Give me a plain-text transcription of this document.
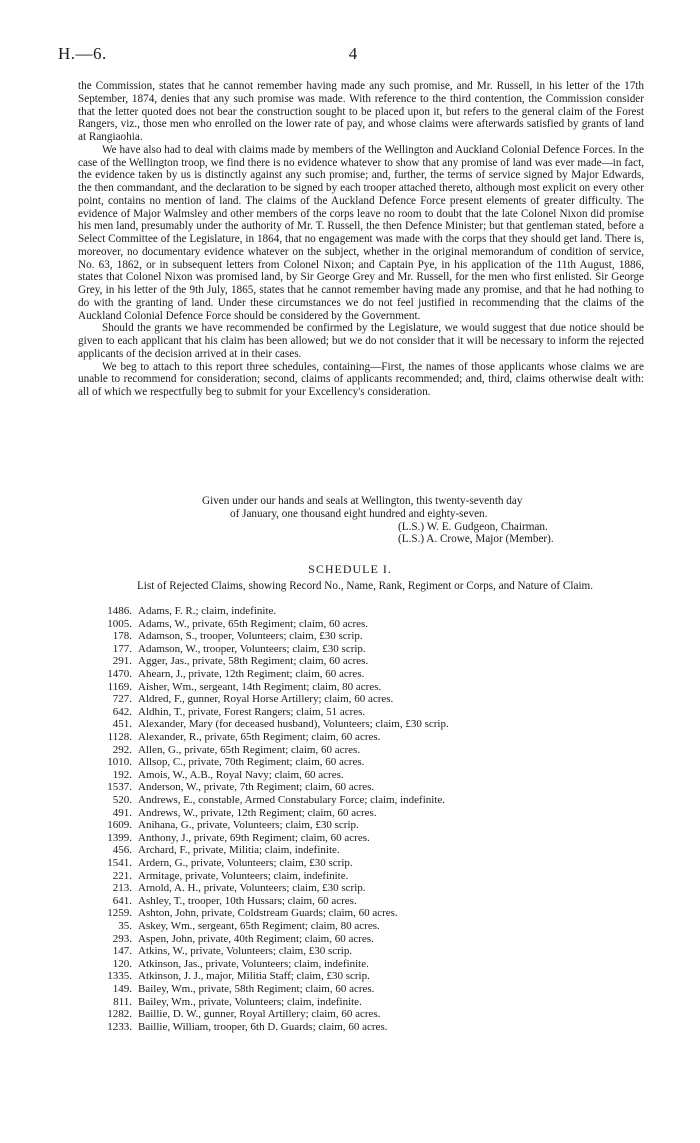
H.—6.	4

the Commission, states that he cannot remember having made any such promise, and Mr. Russell, in his letter of the 17th September, 1874, denies that any such promise was made. With reference to the third contention, the Commission consider that the letter quoted does not bear the construction sought to be placed upon it, but refers to the general claim of the Forest Rangers, viz., those men who enrolled on the lower rate of pay, and whose claims were afterwards satisfied by grants of land at Rangiaohia.

We have also had to deal with claims made by members of the Wellington and Auckland Colonial Defence Forces. In the case of the Wellington troop, we find there is no evidence whatever to show that any promise of land was ever made—in fact, the evidence taken by us is distinctly against any such promise; and, further, the terms of service signed by Major Edwards, the then commandant, and the declaration to be signed by each trooper attached thereto, although most explicit on every other point, contains no mention of land. The claims of the Auckland Defence Force present elements of greater difficulty. The evidence of Major Walmsley and other members of the corps leave no room to doubt that the late Colonel Nixon did promise his men land, presumably under the authority of Mr. T. Russell, the then Defence Minister; but that gentleman stated, before a Select Committee of the Legislature, in 1864, that no engagement was made with the corps that they should get land. There is, moreover, no documentary evidence whatever on the subject, whether in the original memorandum of condition of service, No. 63, 1862, or in subsequent letters from Colonel Nixon; and Captain Pye, in his application of the 11th August, 1886, states that Colonel Nixon was promised land, by Sir George Grey and Mr. Russell, for the men who first enlisted. Sir George Grey, in his letter of the 9th July, 1865, states that he cannot remember having made any promise, and that he had nothing to do with the granting of land. Under these circumstances we do not feel justified in recommending that the claims of the Auckland Colonial Defence Force should be considered by the Government.

Should the grants we have recommended be confirmed by the Legislature, we would suggest that due notice should be given to each applicant that his claim has been allowed; but we do not consider that it will be necessary to inform the rejected applicants of the decision arrived at in their cases.

We beg to attach to this report three schedules, containing—First, the names of those applicants whose claims we are unable to recommend for consideration; second, claims of applicants recommended; and, third, claims otherwise dealt with: all of which we respectfully beg to submit for your Excellency's consideration.

Given under our hands and seals at Wellington, this twenty-seventh day
of January, one thousand eight hundred and eighty-seven.
(L.S.) W. E. Gudgeon, Chairman.
(L.S.) A. Crowe, Major (Member).
SCHEDULE I.
List of Rejected Claims, showing Record No., Name, Rank, Regiment or Corps, and Nature of Claim.
1486. Adams, F. R.; claim, indefinite.
1005. Adams, W., private, 65th Regiment; claim, 60 acres.
178. Adamson, S., trooper, Volunteers; claim, £30 scrip.
177. Adamson, W., trooper, Volunteers; claim, £30 scrip.
291. Agger, Jas., private, 58th Regiment; claim, 60 acres.
1470. Ahearn, J., private, 12th Regiment; claim, 60 acres.
1169. Aisher, Wm., sergeant, 14th Regiment; claim, 80 acres.
727. Aldred, F., gunner, Royal Horse Artillery; claim, 60 acres.
642. Aldhin, T., private, Forest Rangers; claim, 51 acres.
451. Alexander, Mary (for deceased husband), Volunteers; claim, £30 scrip.
1128. Alexander, R., private, 65th Regiment; claim, 60 acres.
292. Allen, G., private, 65th Regiment; claim, 60 acres.
1010. Allsop, C., private, 70th Regiment; claim, 60 acres.
192. Amois, W., A.B., Royal Navy; claim, 60 acres.
1537. Anderson, W., private, 7th Regiment; claim, 60 acres.
520. Andrews, E., constable, Armed Constabulary Force; claim, indefinite.
491. Andrews, W., private, 12th Regiment; claim, 60 acres.
1609. Anihana, G., private, Volunteers; claim, £30 scrip.
1399. Anthony, J., private, 69th Regiment; claim, 60 acres.
456. Archard, F., private, Militia; claim, indefinite.
1541. Ardern, G., private, Volunteers; claim, £30 scrip.
221. Armitage, private, Volunteers; claim, indefinite.
213. Arnold, A. H., private, Volunteers; claim, £30 scrip.
641. Ashley, T., trooper, 10th Hussars; claim, 60 acres.
1259. Ashton, John, private, Coldstream Guards; claim, 60 acres.
35. Askey, Wm., sergeant, 65th Regiment; claim, 80 acres.
293. Aspen, John, private, 40th Regiment; claim, 60 acres.
147. Atkins, W., private, Volunteers; claim, £30 scrip.
120. Atkinson, Jas., private, Volunteers; claim, indefinite.
1335. Atkinson, J. J., major, Militia Staff; claim, £30 scrip.
149. Bailey, Wm., private, 58th Regiment; claim, 60 acres.
811. Bailey, Wm., private, Volunteers; claim, indefinite.
1282. Baillie, D. W., gunner, Royal Artillery; claim, 60 acres.
1233. Baillie, William, trooper, 6th D. Guards; claim, 60 acres.
